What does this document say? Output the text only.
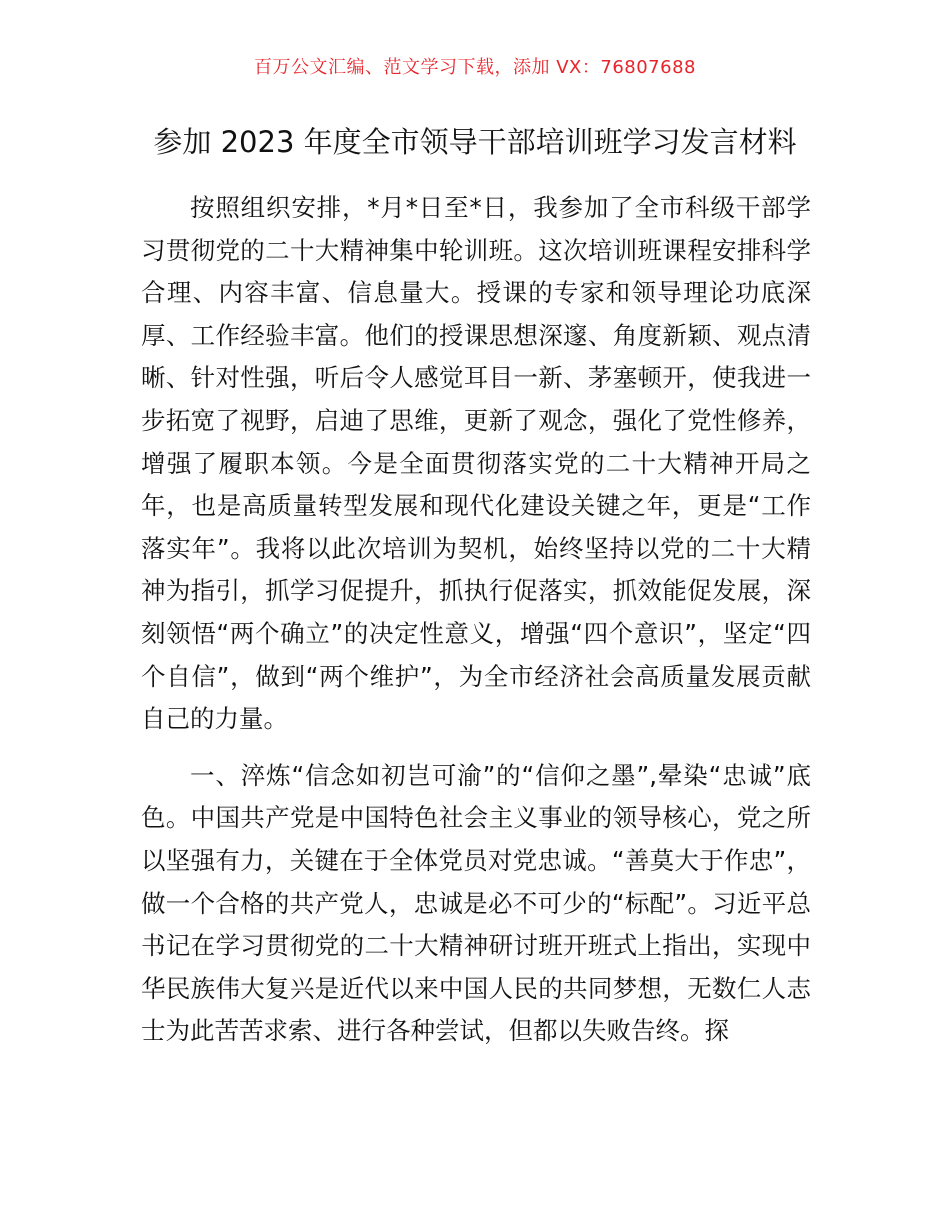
百万公文汇编、范文学习下载，添加 VX：76807688
参加 2023 年度全市领导干部培训班学习发言材料

按照组织安排，*月*日至*日，我参加了全市科级干部学习贯彻党的二十大精神集中轮训班。这次培训班课程安排科学合理、内容丰富、信息量大。授课的专家和领导理论功底深厚、工作经验丰富。他们的授课思想深邃、角度新颖、观点清晰、针对性强，听后令人感觉耳目一新、茅塞顿开，使我进一步拓宽了视野，启迪了思维，更新了观念，强化了党性修养，增强了履职本领。今是全面贯彻落实党的二十大精神开局之年，也是高质量转型发展和现代化建设关键之年，更是“工作落实年”。我将以此次培训为契机，始终坚持以党的二十大精神为指引，抓学习促提升，抓执行促落实，抓效能促发展，深刻领悟“两个确立”的决定性意义，增强“四个意识”，坚定“四个自信”，做到“两个维护”，为全市经济社会高质量发展贡献自己的力量。

一、淬炼“信念如初岂可渝”的“信仰之墨”,晕染“忠诚”底色。中国共产党是中国特色社会主义事业的领导核心，党之所以坚强有力，关键在于全体党员对党忠诚。“善莫大于作忠”，做一个合格的共产党人，忠诚是必不可少的“标配”。习近平总书记在学习贯彻党的二十大精神研讨班开班式上指出，实现中华民族伟大复兴是近代以来中国人民的共同梦想，无数仁人志士为此苦苦求索、进行各种尝试，但都以失败告终。探
